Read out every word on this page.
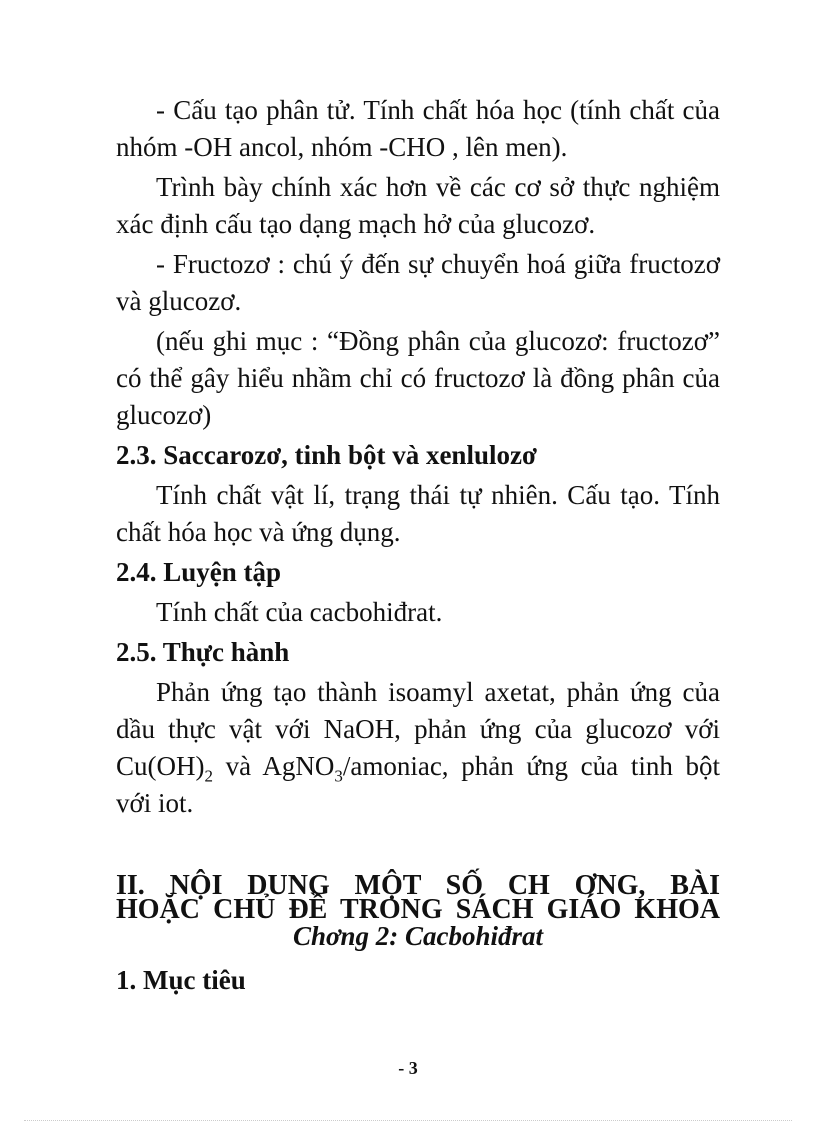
- Cấu tạo phân tử. Tính chất hóa học (tính chất của nhóm -OH ancol, nhóm -CHO , lên men).

Trình bày chính xác hơn về các cơ sở thực nghiệm xác định cấu tạo dạng mạch hở của glucozơ.

- Fructozơ : chú ý đến sự chuyển hoá giữa fructozơ và glucozơ.

(nếu ghi mục : “Đồng phân của glucozơ: fructozơ” có thể gây hiểu nhầm chỉ có fructozơ là đồng phân của glucozơ)

2.3. Saccarozơ, tinh bột và xenlulozơ

Tính chất vật lí, trạng thái tự nhiên. Cấu tạo. Tính chất hóa học và ứng dụng.

2.4. Luyện tập

Tính chất của cacbohiđrat.

2.5. Thực hành

Phản ứng tạo thành isoamyl axetat, phản ứng của dầu thực vật với NaOH, phản ứng của glucozơ với $Cu(OH)_2$ và AgNO$_3$/amoniac, phản ứng của tinh bột với iot.

II. NỘI DUNG MỘT SỐ CH ƠNG, BÀI
HOẶC CHỦ ĐỀ TRONG SÁCH GIÁO KHOA
Chơng 2: Cacbohiđrat
1. Mục tiêu
- 3
